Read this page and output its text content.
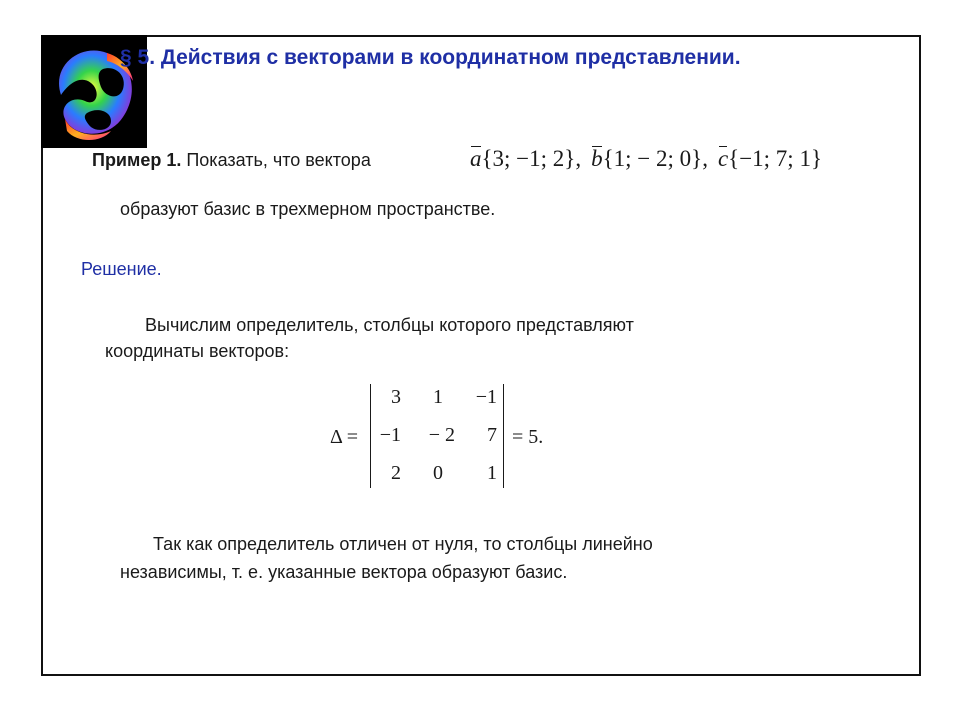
§ 5. Действия с векторами в координатном представлении.
Пример 1. Показать, что вектора	a{3; −1; 2}, b{1; − 2; 0}, c{−1; 7; 1}
образуют базис в трехмерном пространстве.
Решение.
Вычислим определитель, столбцы которого представляют
координаты векторов:
Δ =
3	1	−1
−1	− 2	7
2	0	1
= 5.
Так как определитель отличен от нуля, то столбцы линейно
независимы, т. е. указанные вектора образуют базис.
